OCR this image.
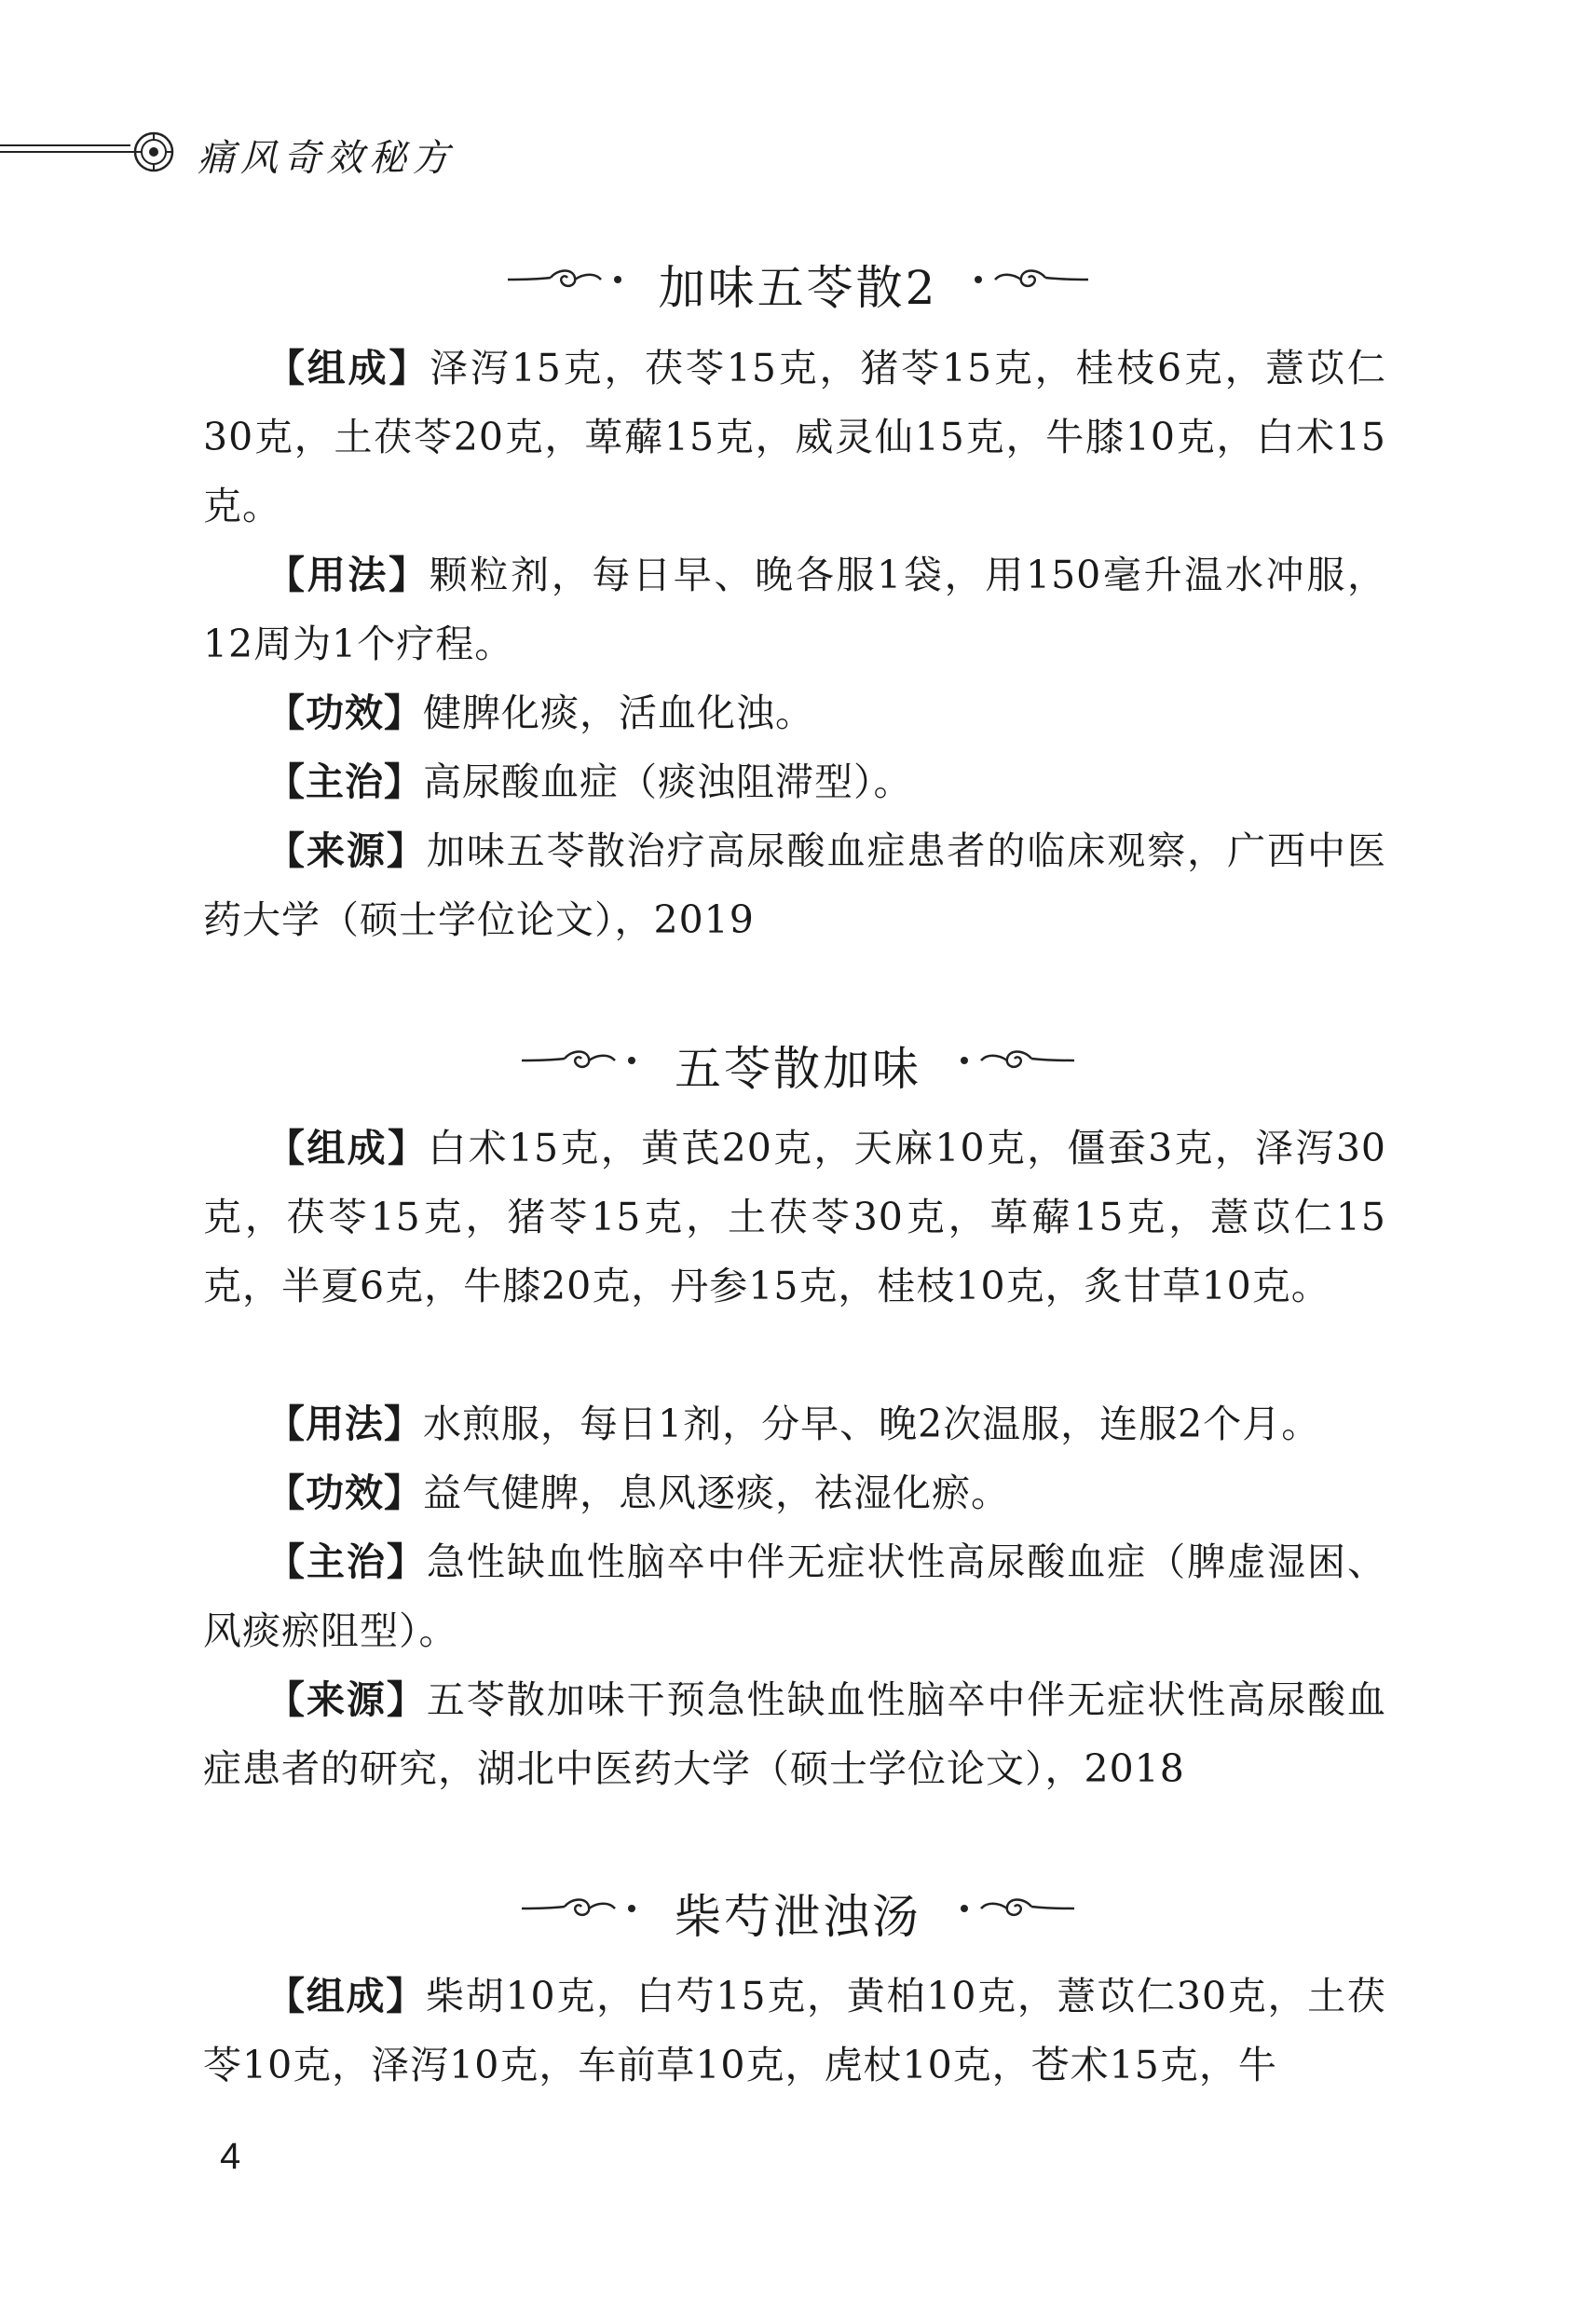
痛风奇效秘方
加味五苓散2

【组成】泽泻15克，茯苓15克，猪苓15克，桂枝6克，薏苡仁30克，土茯苓20克，萆薢15克，威灵仙15克，牛膝10克，白术15克。

【用法】颗粒剂，每日早、晚各服1袋，用150毫升温水冲服，12周为1个疗程。

【功效】健脾化痰，活血化浊。

【主治】高尿酸血症（痰浊阻滞型）。

【来源】加味五苓散治疗高尿酸血症患者的临床观察，广西中医药大学（硕士学位论文），2019

五苓散加味

【组成】白术15克，黄芪20克，天麻10克，僵蚕3克，泽泻30克，茯苓15克，猪苓15克，土茯苓30克，萆薢15克，薏苡仁15克，半夏6克，牛膝20克，丹参15克，桂枝10克，炙甘草10克。

【用法】水煎服，每日1剂，分早、晚2次温服，连服2个月。

【功效】益气健脾，息风逐痰，祛湿化瘀。

【主治】急性缺血性脑卒中伴无症状性高尿酸血症（脾虚湿困、风痰瘀阻型）。

【来源】五苓散加味干预急性缺血性脑卒中伴无症状性高尿酸血症患者的研究，湖北中医药大学（硕士学位论文），2018

柴芍泄浊汤

【组成】柴胡10克，白芍15克，黄柏10克，薏苡仁30克，土茯苓10克，泽泻10克，车前草10克，虎杖10克，苍术15克，牛

4
